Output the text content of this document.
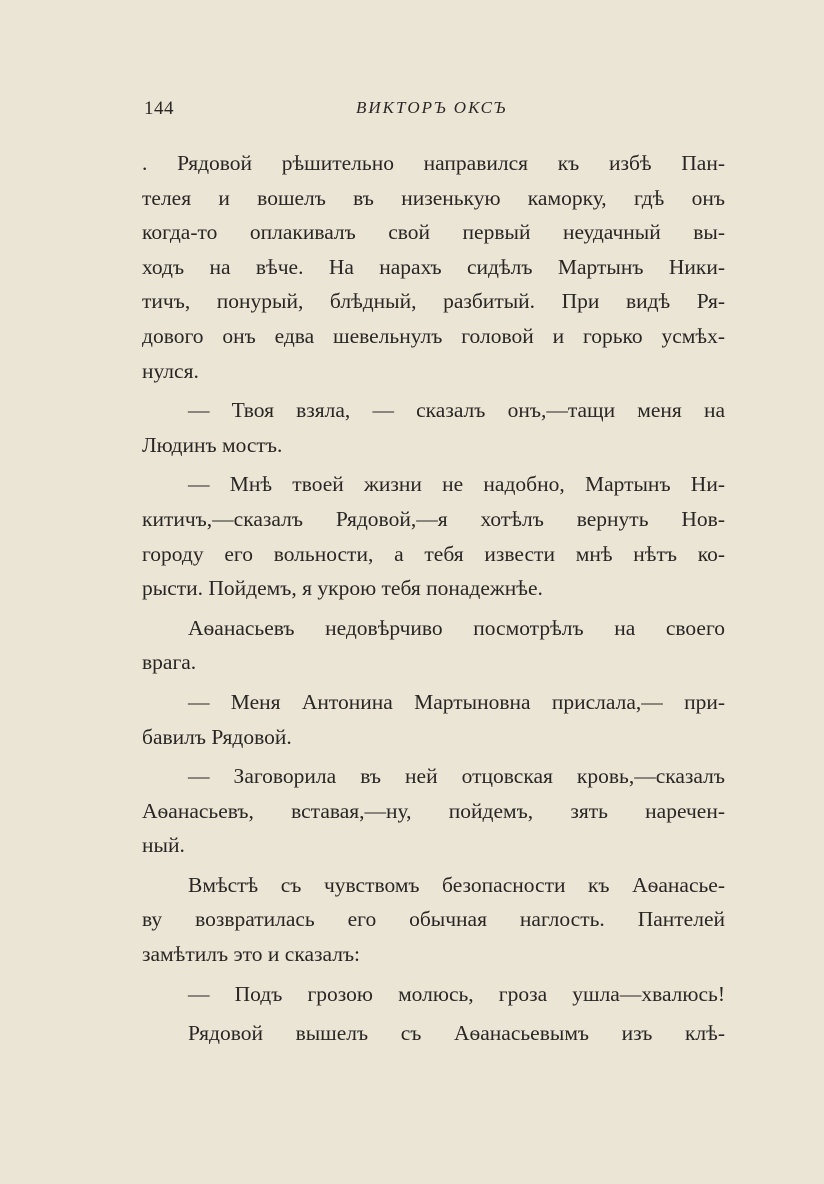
144	ВИКТОРЪ ОКСЪ
. Рядовой рѣшительно направился къ избѣ Пан-
телея и вошелъ въ низенькую каморку, гдѣ онъ
когда-то оплакивалъ свой первый неудачный вы-
ходъ на вѣче. На нарахъ сидѣлъ Мартынъ Ники-
тичъ, понурый, блѣдный, разбитый. При видѣ Ря-
дового онъ едва шевельнулъ головой и горько усмѣх-
нулся.
— Твоя взяла, — сказалъ онъ,—тащи меня на
Людинъ мостъ.
— Мнѣ твоей жизни не надобно, Мартынъ Ни-
китичъ,—сказалъ Рядовой,—я хотѣлъ вернуть Нов-
городу его вольности, а тебя извести мнѣ нѣтъ ко-
рысти. Пойдемъ, я укрою тебя понадежнѣе.
Аѳанасьевъ недовѣрчиво посмотрѣлъ на своего
врага.
— Меня Антонина Мартыновна прислала,— при-
бавилъ Рядовой.
— Заговорила въ ней отцовская кровь,—сказалъ
Аѳанасьевъ, вставая,—ну, пойдемъ, зять наречен-
ный.
Вмѣстѣ съ чувствомъ безопасности къ Аѳанасье-
ву возвратилась его обычная наглость. Пантелей
замѣтилъ это и сказалъ:
— Подъ грозою молюсь, гроза ушла—хвалюсь!
Рядовой вышелъ съ Аѳанасьевымъ изъ клѣ-
